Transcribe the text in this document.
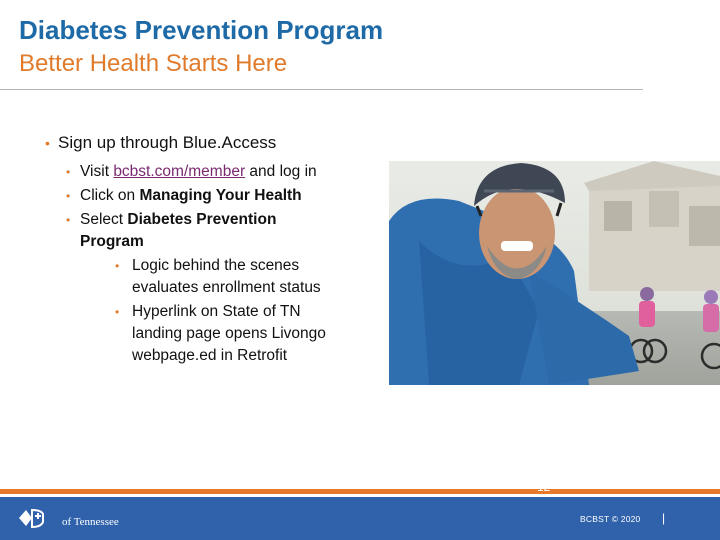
Diabetes Prevention Program
Better Health Starts Here
• Sign up through Blue.Access
• Visit bcbst.com/member and log in
• Click on Managing Your Health
• Select Diabetes Prevention
Program
• Logic behind the scenes
evaluates enrollment status
• Hyperlink on State of TN
landing page opens Livongo
webpage.ed in Retrofit
of Tennessee
12
BCBST © 2020 |
